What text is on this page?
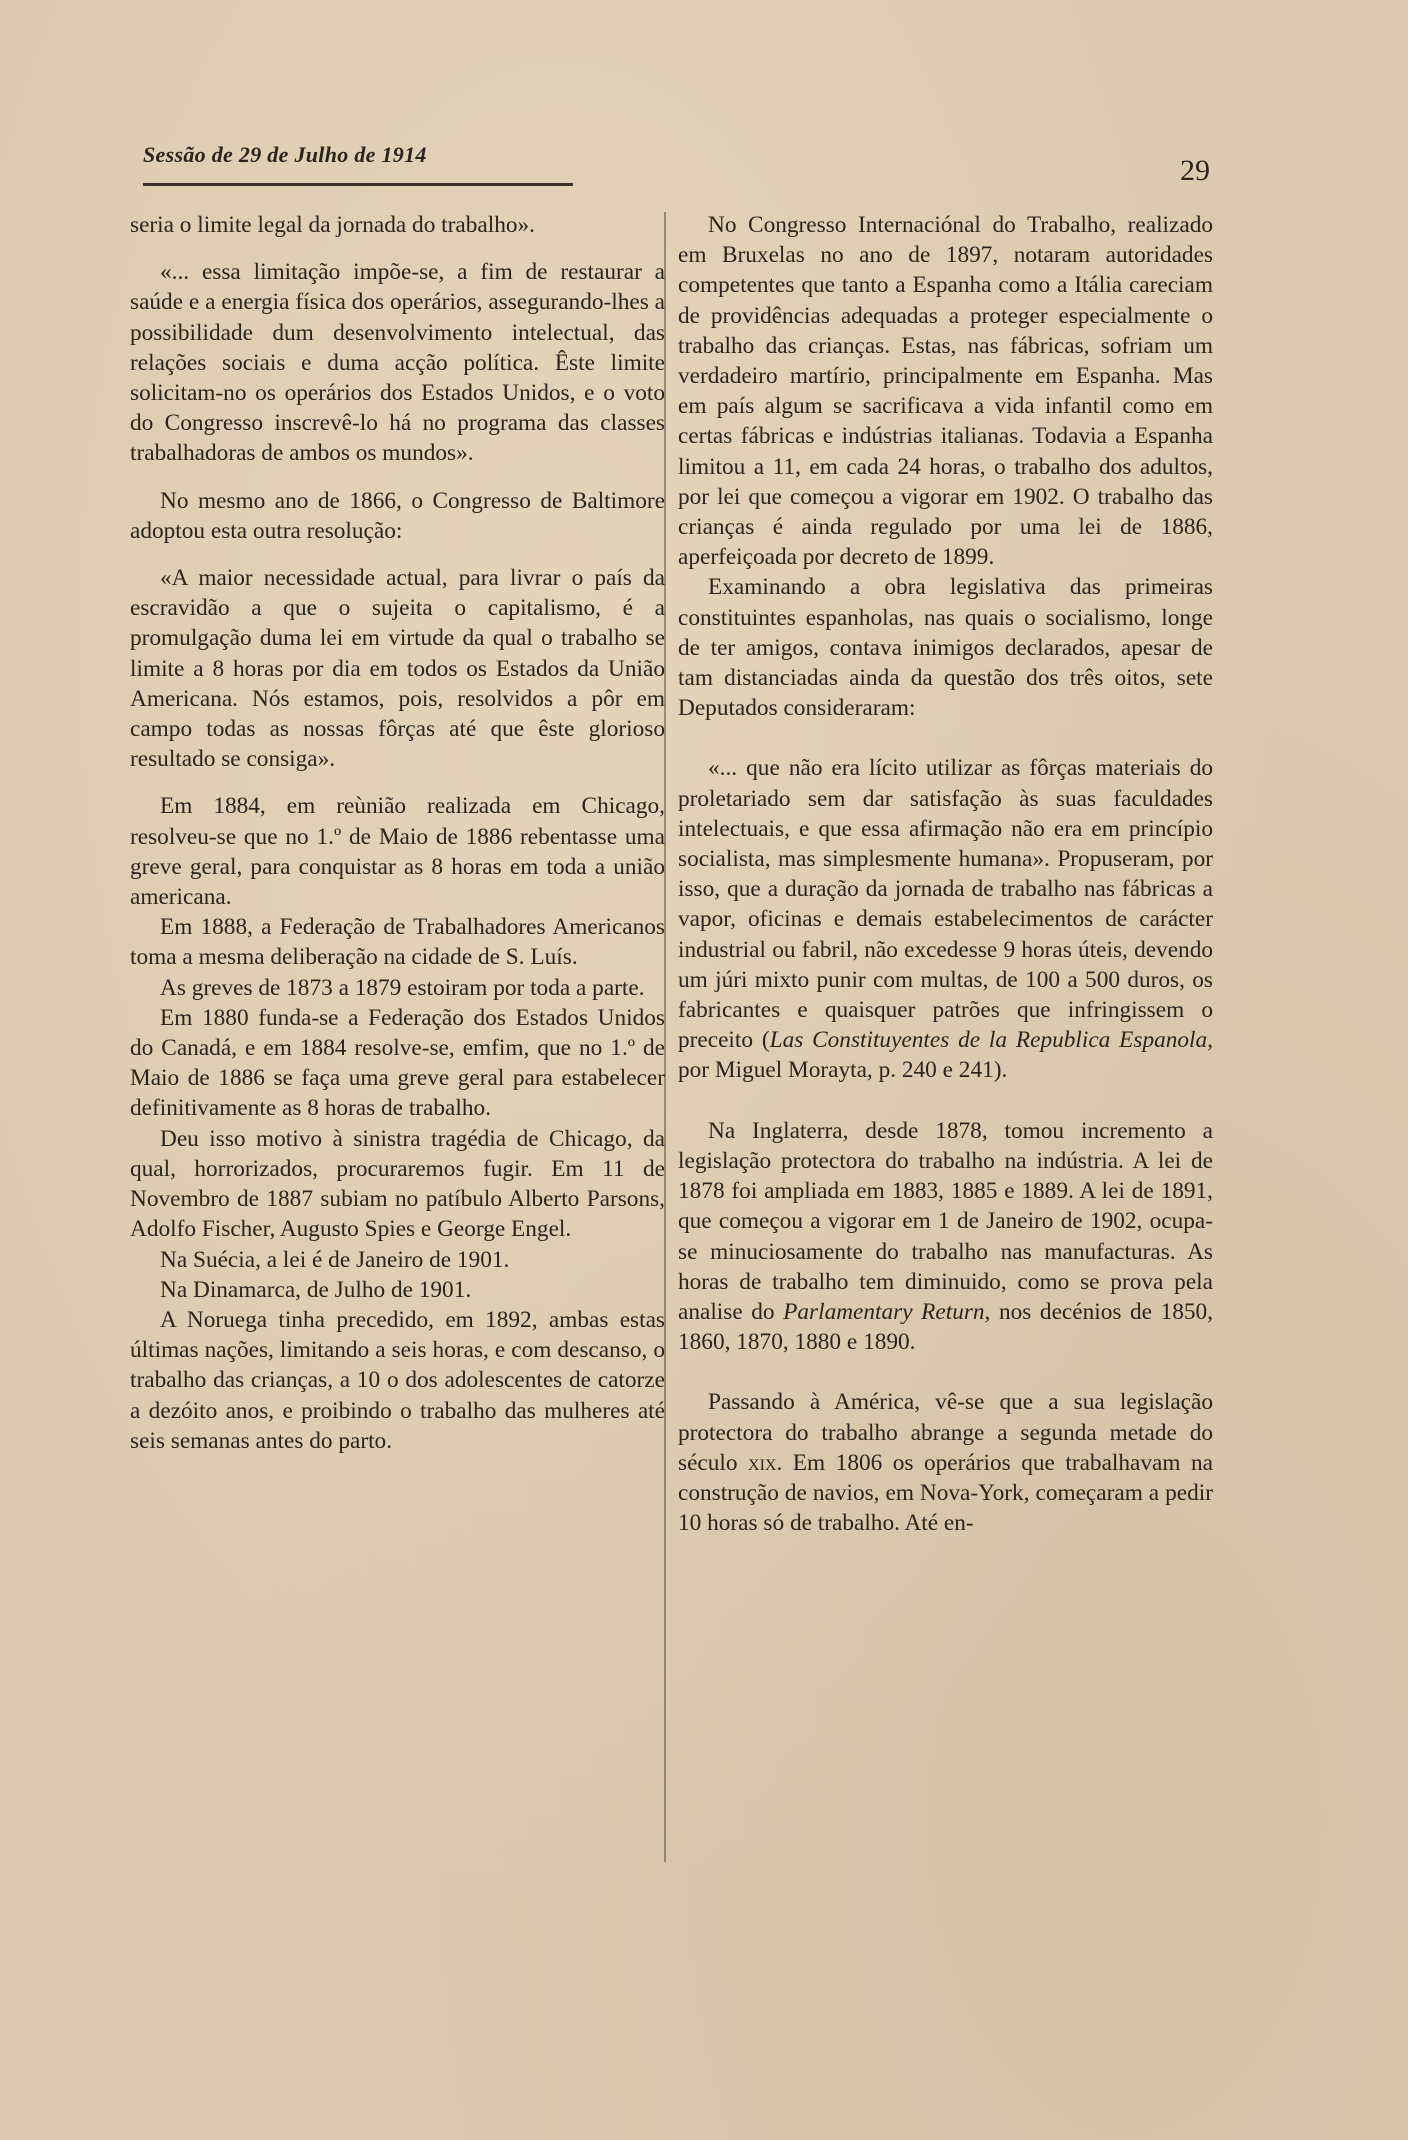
Sessão de 29 de Julho de 1914	29

seria o limite legal da jornada do trabalho».

«... essa limitação impõe-se, a fim de restaurar a saúde e a energia física dos operários, assegurando-lhes a possibilidade dum desenvolvimento intelectual, das relações sociais e duma acção política. Êste limite solicitam-no os operários dos Estados Unidos, e o voto do Congresso inscrevê-lo há no programa das classes trabalhadoras de ambos os mundos».

No mesmo ano de 1866, o Congresso de Baltimore adoptou esta outra resolução:

«A maior necessidade actual, para livrar o país da escravidão a que o sujeita o capitalismo, é a promulgação duma lei em virtude da qual o trabalho se limite a 8 horas por dia em todos os Estados da União Americana. Nós estamos, pois, resolvidos a pôr em campo todas as nossas fôrças até que êste glorioso resultado se consiga».

Em 1884, em reùnião realizada em Chicago, resolveu-se que no 1.º de Maio de 1886 rebentasse uma greve geral, para conquistar as 8 horas em toda a união americana.

Em 1888, a Federação de Trabalhadores Americanos toma a mesma deliberação na cidade de S. Luís.

As greves de 1873 a 1879 estoiram por toda a parte.

Em 1880 funda-se a Federação dos Estados Unidos do Canadá, e em 1884 resolve-se, emfim, que no 1.º de Maio de 1886 se faça uma greve geral para estabelecer definitivamente as 8 horas de trabalho.

Deu isso motivo à sinistra tragédia de Chicago, da qual, horrorizados, procuraremos fugir. Em 11 de Novembro de 1887 subiam no patíbulo Alberto Parsons, Adolfo Fischer, Augusto Spies e George Engel.

Na Suécia, a lei é de Janeiro de 1901.

Na Dinamarca, de Julho de 1901.

A Noruega tinha precedido, em 1892, ambas estas últimas nações, limitando a seis horas, e com descanso, o trabalho das crianças, a 10 o dos adolescentes de catorze a dezóito anos, e proibindo o trabalho das mulheres até seis semanas antes do parto.

No Congresso Internaciónal do Trabalho, realizado em Bruxelas no ano de 1897, notaram autoridades competentes que tanto a Espanha como a Itália careciam de providências adequadas a proteger especialmente o trabalho das crianças. Estas, nas fábricas, sofriam um verdadeiro martírio, principalmente em Espanha. Mas em país algum se sacrificava a vida infantil como em certas fábricas e indústrias italianas. Todavia a Espanha limitou a 11, em cada 24 horas, o trabalho dos adultos, por lei que começou a vigorar em 1902. O trabalho das crianças é ainda regulado por uma lei de 1886, aperfeiçoada por decreto de 1899.

Examinando a obra legislativa das primeiras constituintes espanholas, nas quais o socialismo, longe de ter amigos, contava inimigos declarados, apesar de tam distanciadas ainda da questão dos três oitos, sete Deputados consideraram:

«... que não era lícito utilizar as fôrças materiais do proletariado sem dar satisfação às suas faculdades intelectuais, e que essa afirmação não era em princípio socialista, mas simplesmente humana». Propuseram, por isso, que a duração da jornada de trabalho nas fábricas a vapor, oficinas e demais estabelecimentos de carácter industrial ou fabril, não excedesse 9 horas úteis, devendo um júri mixto punir com multas, de 100 a 500 duros, os fabricantes e quaisquer patrões que infringissem o preceito (Las Constituyentes de la Republica Espanola, por Miguel Morayta, p. 240 e 241).

Na Inglaterra, desde 1878, tomou incremento a legislação protectora do trabalho na indústria. A lei de 1878 foi ampliada em 1883, 1885 e 1889. A lei de 1891, que começou a vigorar em 1 de Janeiro de 1902, ocupa-se minuciosamente do trabalho nas manufacturas. As horas de trabalho tem diminuido, como se prova pela analise do Parlamentary Return, nos decénios de 1850, 1860, 1870, 1880 e 1890.

Passando à América, vê-se que a sua legislação protectora do trabalho abrange a segunda metade do século xix. Em 1806 os operários que trabalhavam na construção de navios, em Nova-York, começaram a pedir 10 horas só de trabalho. Até en-
